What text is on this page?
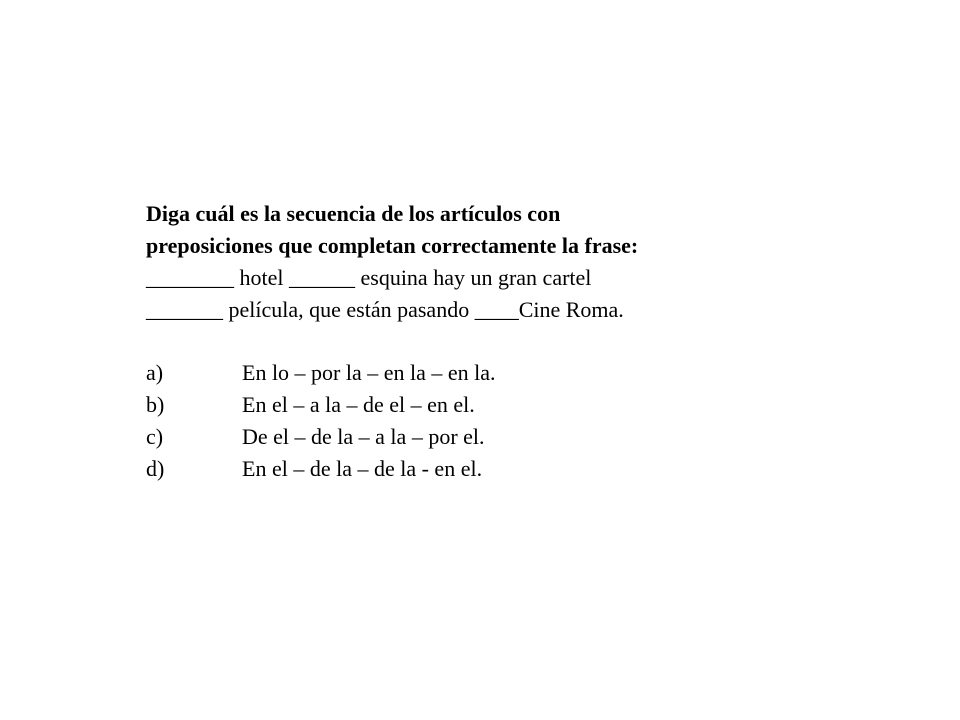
Diga cuál es la secuencia de los artículos con
preposiciones que completan correctamente la frase:
________ hotel ______ esquina hay un gran cartel
_______ película, que están pasando ____Cine Roma.
a)	En lo – por la – en la – en la.
b)	En el – a la – de el – en el.
c)	De el – de la – a la – por el.
d)	En el – de la – de la - en el.
